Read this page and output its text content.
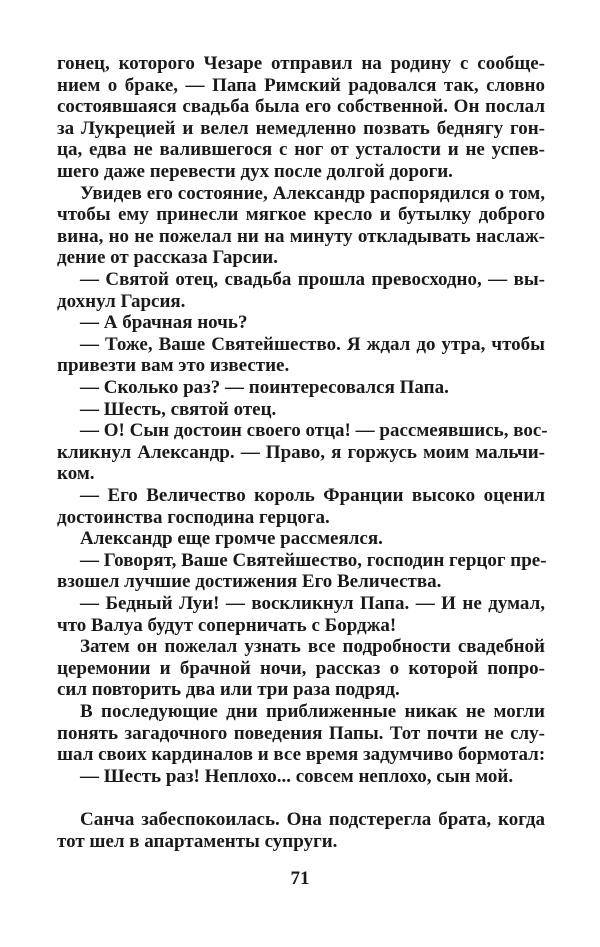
71
гонец, которого Чезаре отправил на родину с сообще-
нием о браке, — Папа Римский радовался так, словно
состоявшаяся свадьба была его собственной. Он послал
за Лукрецией и велел немедленно позвать беднягу гон-
ца, едва не валившегося с ног от усталости и не успев-
шего даже перевести дух после долгой дороги.
Увидев его состояние, Александр распорядился о том,
чтобы ему принесли мягкое кресло и бутылку доброго
вина, но не пожелал ни на минуту откладывать наслаж-
дение от рассказа Гарсии.
— Святой отец, свадьба прошла превосходно, — вы-
дохнул Гарсия.
— А брачная ночь?
— Тоже, Ваше Святейшество. Я ждал до утра, чтобы
привезти вам это известие.
— Сколько раз? — поинтересовался Папа.
— Шесть, святой отец.
— О! Сын достоин своего отца! — рассмеявшись, вос-
кликнул Александр. — Право, я горжусь моим мальчи-
ком.
— Его Величество король Франции высоко оценил
достоинства господина герцога.
Александр еще громче рассмеялся.
— Говорят, Ваше Святейшество, господин герцог пре-
взошел лучшие достижения Его Величества.
— Бедный Луи! — воскликнул Папа. — И не думал,
что Валуа будут соперничать с Борджа!
Затем он пожелал узнать все подробности свадебной
церемонии и брачной ночи, рассказ о которой попро-
сил повторить два или три раза подряд.
В последующие дни приближенные никак не могли
понять загадочного поведения Папы. Тот почти не слу-
шал своих кардиналов и все время задумчиво бормотал:
— Шесть раз! Неплохо... совсем неплохо, сын мой.
Санча забеспокоилась. Она подстерегла брата, когда
тот шел в апартаменты супруги.
